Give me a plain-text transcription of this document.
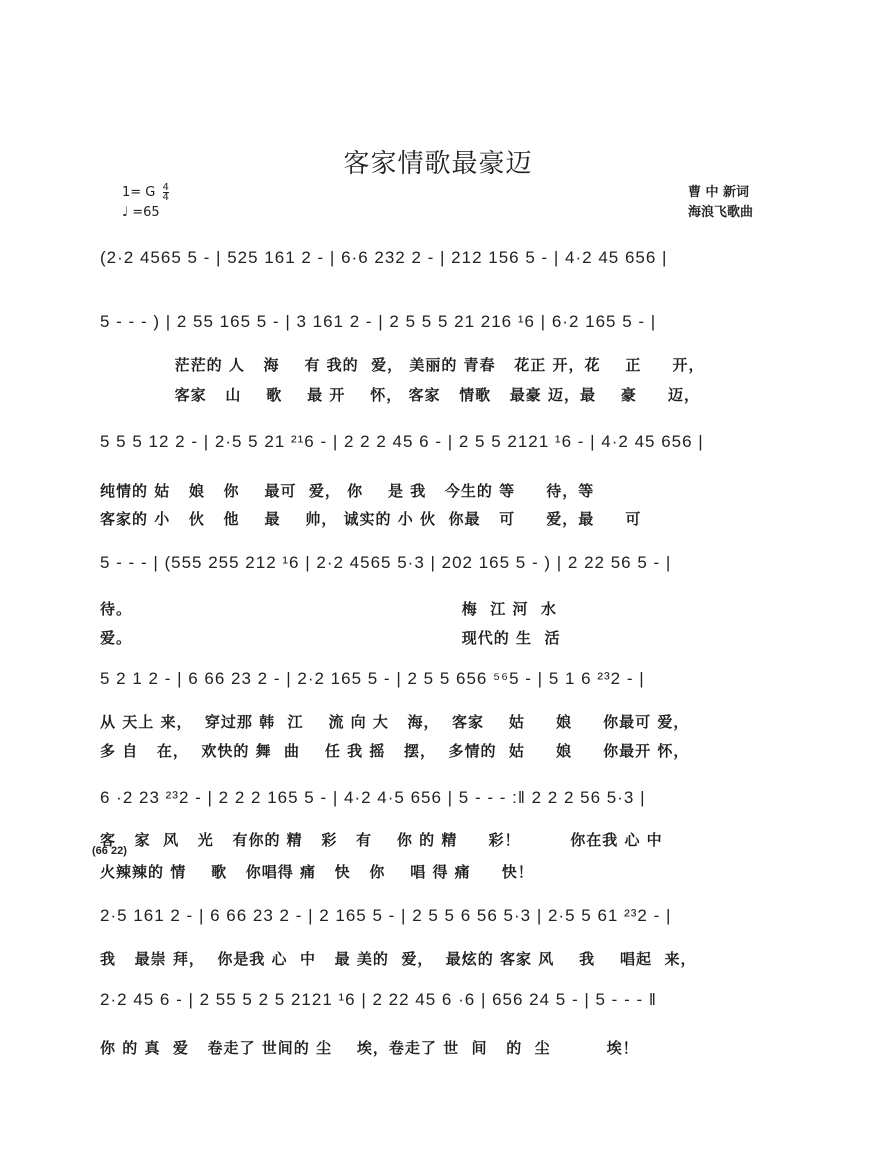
客家情歌最豪迈
1= G $\frac{4}{4}$
♩ =65
曹 中 新词
海浪飞歌曲
(2·2 4565 5 - | 525 161 2 - | 6·6 232 2 - | 212 156 5 - | 4·2 45 656 |
5 - - - ) | 2 55 165 5 - | 3 161 2 - | 2 5 5 5 21 216 ¹6 | 6·2 165 5 - |
茫茫的 人   海    有 我的  爱， 美丽的 青春   花正 开，花    正     开，
客家   山    歌    最 开    怀， 客家   情歌   最豪 迈，最    豪     迈，
5 5 5 12 2 - | 2·5 5 21 ²¹6 - | 2 2 2 45 6 - | 2 5 5 2121 ¹6 - | 4·2 45 656 |
纯情的 姑   娘   你    最可  爱， 你    是 我   今生的 等     待，等
客家的 小   伙   他    最    帅， 诚实的 小 伙  你最   可     爱，最     可
5 - - - | (555 255 212 ¹6 | 2·2 4565 5·3 | 202 165 5 - ) | 2 22 56 5 - |
待。                                                     梅  江 河  水
爱。                                                     现代的 生  活
5 2 1 2 - | 6 66 23 2 - | 2·2 165 5 - | 2 5 5 656 ⁵⁶5 - | 5 1 6 ²³2 - |
从 天上 来，  穿过那 韩  江    流 向 大   海，  客家    姑     娘     你最可 爱，
多 自   在，  欢快的 舞  曲    任 我 摇   摆，  多情的  姑     娘     你最开 怀，
6 ·2 23 ²³2 - | 2 2 2 165 5 - | 4·2 4·5 656 | 5 - - - :‖ 2 2 2 56 5·3 |
客   家  风   光   有你的 精   彩   有    你 的 精     彩！        你在我 心 中
(66 22)
火辣辣的 情    歌   你唱得 痛   快   你    唱 得 痛     快！
2·5 161 2 - | 6 66 23 2 - | 2 165 5 - | 2 5 5 6 56 5·3 | 2·5 5 61 ²³2 - |
我   最崇 拜，  你是我 心  中   最 美的  爱，  最炫的 客家 风    我    唱起  来，
2·2 45 6 - | 2 55 5 2 5 2121 ¹6 | 2 22 45 6 ·6 | 656 24 5 - | 5 - - - ‖
你 的 真  爱   卷走了 世间的 尘    埃，卷走了 世  间   的  尘         埃！
